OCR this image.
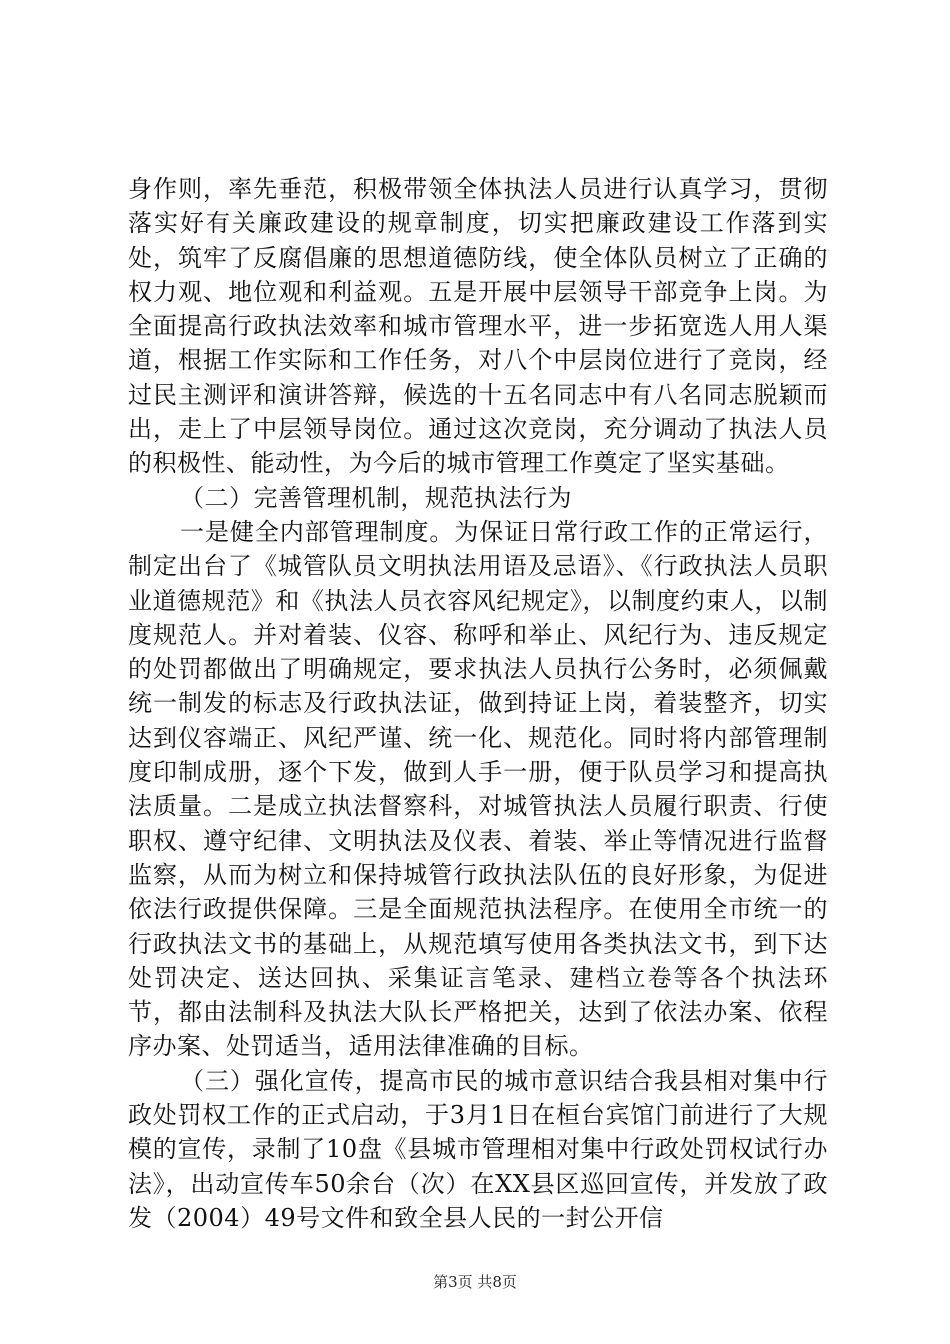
身作则，率先垂范，积极带领全体执法人员进行认真学习，贯彻落实好有关廉政建设的规章制度，切实把廉政建设工作落到实处，筑牢了反腐倡廉的思想道德防线，使全体队员树立了正确的权力观、地位观和利益观。五是开展中层领导干部竞争上岗。为全面提高行政执法效率和城市管理水平，进一步拓宽选人用人渠道，根据工作实际和工作任务，对八个中层岗位进行了竞岗，经过民主测评和演讲答辩，候选的十五名同志中有八名同志脱颖而出，走上了中层领导岗位。通过这次竞岗，充分调动了执法人员的积极性、能动性，为今后的城市管理工作奠定了坚实基础。

（二）完善管理机制，规范执法行为

一是健全内部管理制度。为保证日常行政工作的正常运行，制定出台了《城管队员文明执法用语及忌语》、《行政执法人员职业道德规范》和《执法人员衣容风纪规定》，以制度约束人，以制度规范人。并对着装、仪容、称呼和举止、风纪行为、违反规定的处罚都做出了明确规定，要求执法人员执行公务时，必须佩戴统一制发的标志及行政执法证，做到持证上岗，着装整齐，切实达到仪容端正、风纪严谨、统一化、规范化。同时将内部管理制度印制成册，逐个下发，做到人手一册，便于队员学习和提高执法质量。二是成立执法督察科，对城管执法人员履行职责、行使职权、遵守纪律、文明执法及仪表、着装、举止等情况进行监督监察，从而为树立和保持城管行政执法队伍的良好形象，为促进依法行政提供保障。三是全面规范执法程序。在使用全市统一的行政执法文书的基础上，从规范填写使用各类执法文书，到下达处罚决定、送达回执、采集证言笔录、建档立卷等各个执法环节，都由法制科及执法大队长严格把关，达到了依法办案、依程序办案、处罚适当，适用法律准确的目标。

（三）强化宣传，提高市民的城市意识结合我县相对集中行政处罚权工作的正式启动，于3月1日在桓台宾馆门前进行了大规模的宣传，录制了10盘《县城市管理相对集中行政处罚权试行办法》，出动宣传车50余台（次）在XX县区巡回宣传，并发放了政发（2004）49号文件和致全县人民的一封公开信

第3页 共8页
